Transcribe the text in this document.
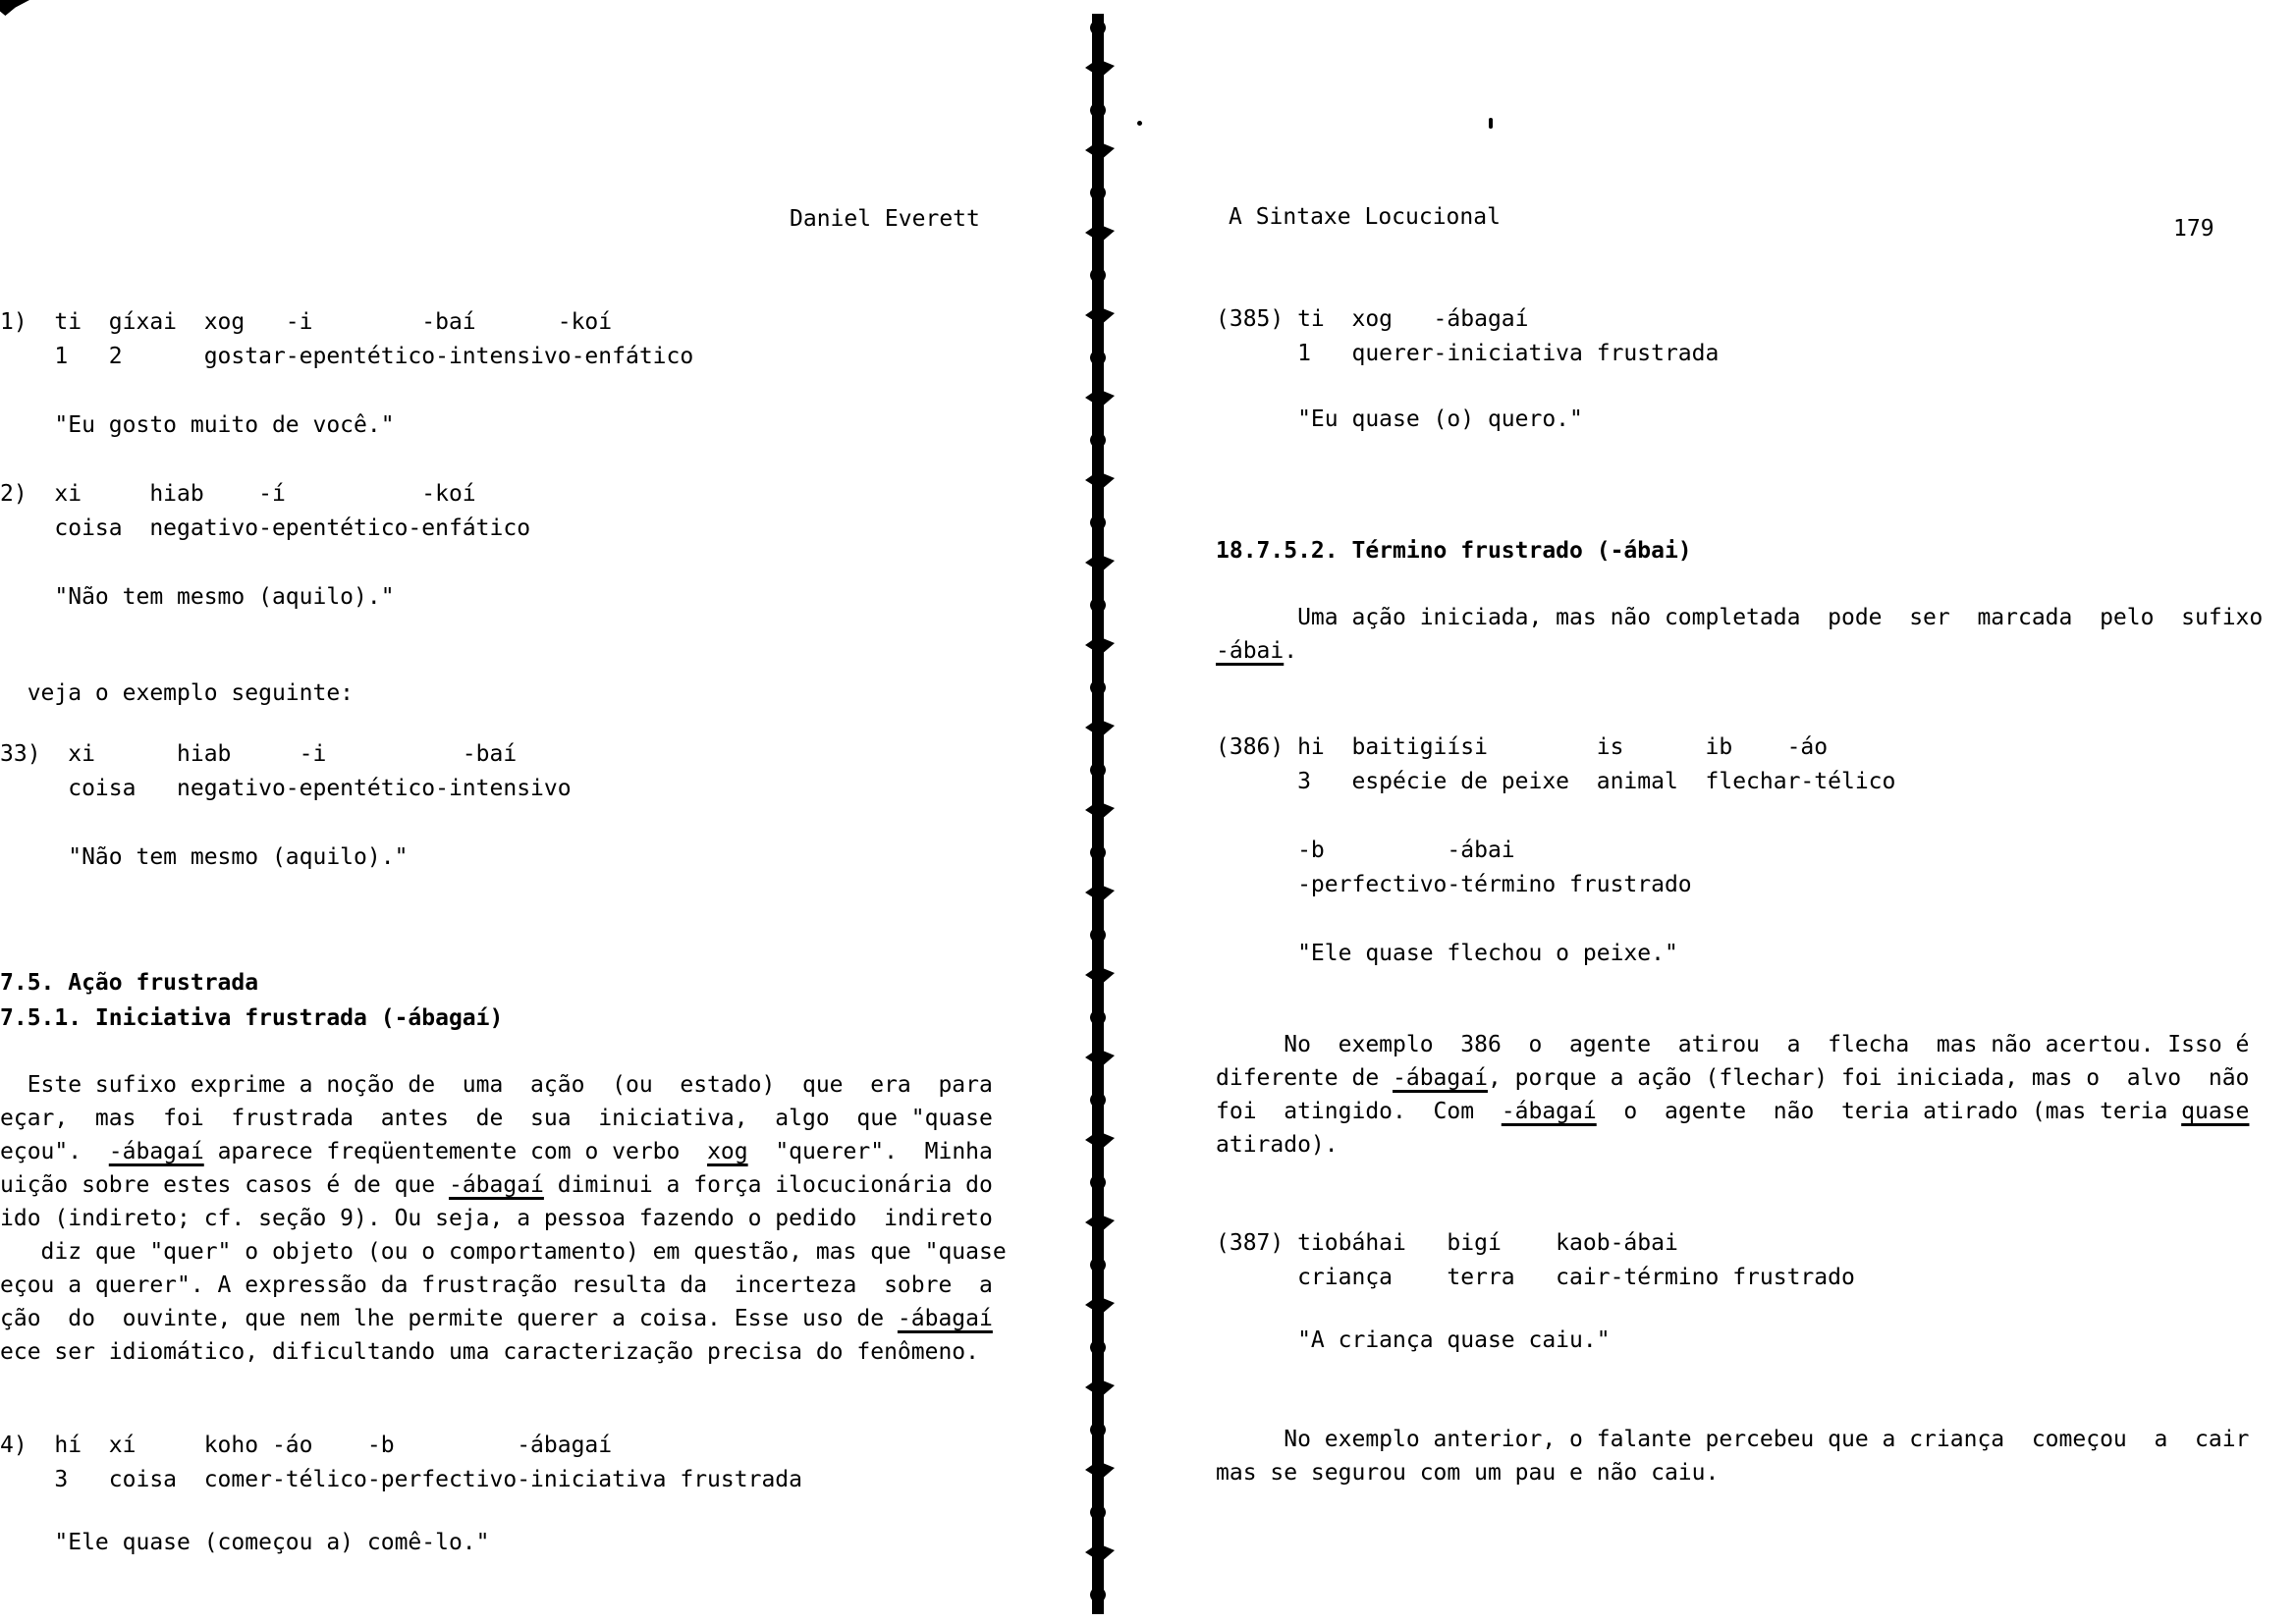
Daniel Everett
1)  ti  gíxai  xog   -i        -baí      -koí
1   2      gostar-epentético-intensivo-enfático
"Eu gosto muito de você."
2)  xi     hiab    -í          -koí
coisa  negativo-epentético-enfático
"Não tem mesmo (aquilo)."
veja o exemplo seguinte:
33)  xi      hiab     -i          -baí
coisa   negativo-epentético-intensivo
"Não tem mesmo (aquilo)."
7.5. Ação frustrada
7.5.1. Iniciativa frustrada (-ábagaí)
Este sufixo exprime a noção de  uma  ação  (ou  estado)  que  era  para
eçar,  mas  foi  frustrada  antes  de  sua  iniciativa,  algo  que "quase
eçou".  -ábagaí aparece freqüentemente com o verbo  xog  "querer".  Minha
uição sobre estes casos é de que -ábagaí diminui a força ilocucionária do
ido (indireto; cf. seção 9). Ou seja, a pessoa fazendo o pedido  indireto
diz que "quer" o objeto (ou o comportamento) em questão, mas que "quase
eçou a querer". A expressão da frustração resulta da  incerteza  sobre  a
ção  do  ouvinte, que nem lhe permite querer a coisa. Esse uso de -ábagaí
ece ser idiomático, dificultando uma caracterização precisa do fenômeno.
4)  hí  xí     koho -áo    -b         -ábagaí
3   coisa  comer-télico-perfectivo-iniciativa frustrada
"Ele quase (começou a) comê-lo."
A Sintaxe Locucional	179
(385) ti  xog   -ábagaí
1   querer-iniciativa frustrada
"Eu quase (o) quero."
18.7.5.2. Término frustrado (-ábai)
Uma ação iniciada, mas não completada  pode  ser  marcada  pelo  sufixo
-ábai.
(386) hi  baitigiísi        is      ib    -áo
3   espécie de peixe  animal  flechar-télico
-b         -ábai
-perfectivo-término frustrado
"Ele quase flechou o peixe."
No  exemplo  386  o  agente  atirou  a  flecha  mas não acertou. Isso é
diferente de -ábagaí, porque a ação (flechar) foi iniciada, mas o  alvo  não
foi  atingido.  Com  -ábagaí  o  agente  não  teria atirado (mas teria quase
atirado).
(387) tiobáhai   bigí    kaob-ábai
criança    terra   cair-término frustrado
"A criança quase caiu."
No exemplo anterior, o falante percebeu que a criança  começou  a  cair
mas se segurou com um pau e não caiu.
